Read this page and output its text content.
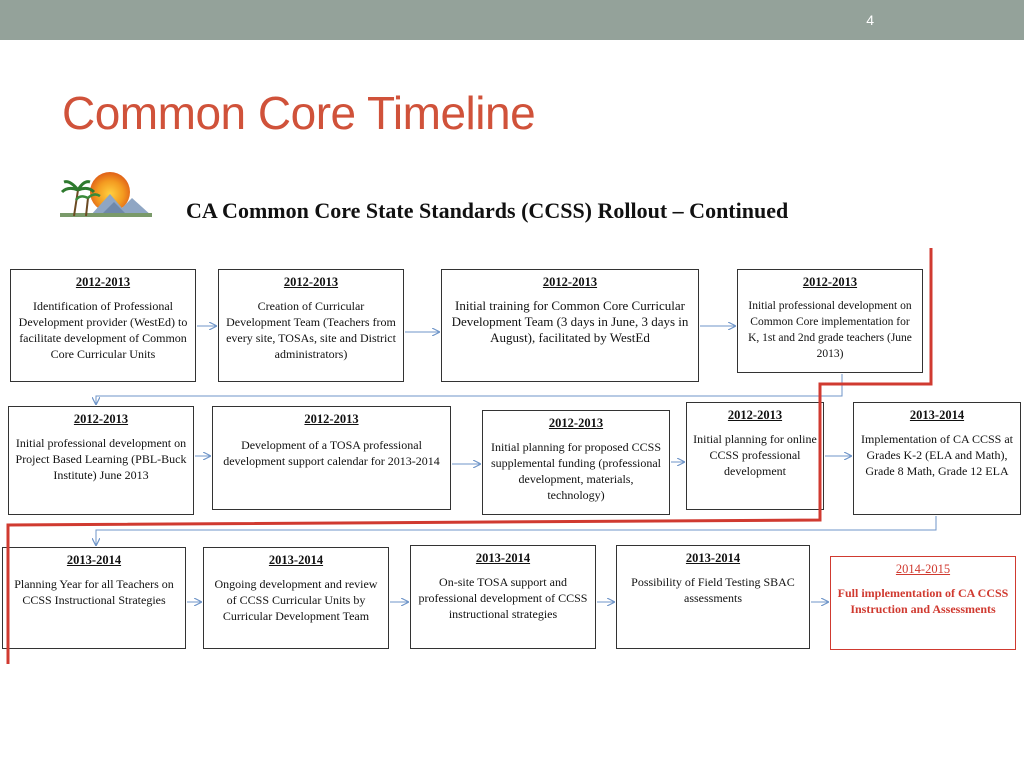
4
Common Core Timeline
CA Common Core State Standards (CCSS) Rollout – Continued
2012-2013
Identification of Professional Development provider (WestEd) to facilitate development of Common Core Curricular Units
2012-2013
Creation of Curricular Development Team (Teachers from every site, TOSAs, site and District administrators)
2012-2013
Initial training for Common Core Curricular Development Team (3 days in June, 3 days in August), facilitated by WestEd
2012-2013
Initial professional development on Common Core implementation for K, 1st and 2nd grade teachers (June 2013)
2012-2013
Initial professional development on Project Based Learning (PBL-Buck Institute) June 2013
2012-2013
Development of a TOSA professional development support calendar for 2013-2014
2012-2013
Initial planning for proposed CCSS supplemental funding (professional development, materials, technology)
2012-2013
Initial planning for online CCSS professional development
2013-2014
Implementation of CA CCSS at Grades K-2 (ELA and Math), Grade 8 Math, Grade 12 ELA
2013-2014
Planning Year for all Teachers on CCSS Instructional Strategies
2013-2014
Ongoing development and review of CCSS Curricular Units by Curricular Development Team
2013-2014
On-site TOSA support and professional development of CCSS instructional strategies
2013-2014
Possibility of Field Testing SBAC assessments
2014-2015
Full implementation of CA CCSS Instruction and Assessments
